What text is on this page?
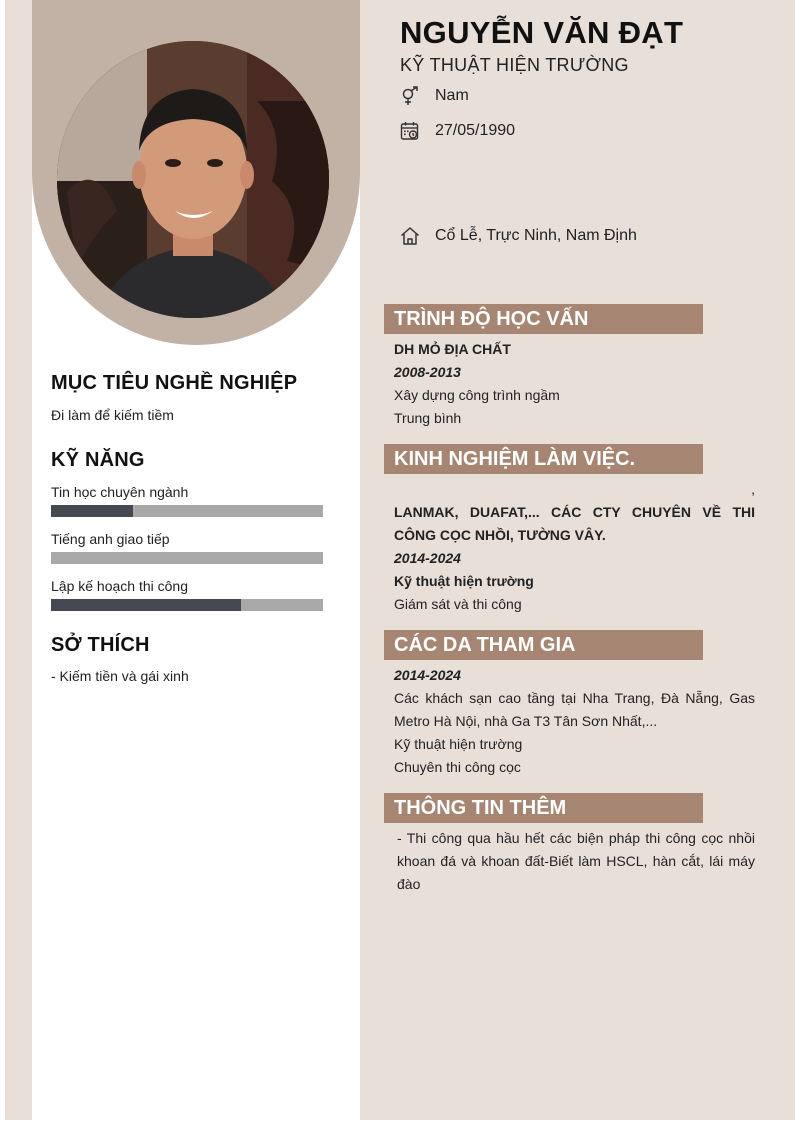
MỤC TIÊU NGHỀ NGHIỆP
Đi làm để kiếm tiềm
KỸ NĂNG
Tin học chuyên ngành
Tiếng anh giao tiếp
Lập kế hoạch thi công
SỞ THÍCH
- Kiếm tiền và gái xinh
NGUYỄN VĂN ĐẠT
KỸ THUẬT HIỆN TRƯỜNG
Nam
27/05/1990
Cổ Lễ, Trực Ninh, Nam Định
TRÌNH ĐỘ HỌC VẤN
DH MỎ ĐỊA CHẤT
2008-2013
Xây dựng công trình ngầm
Trung bình
KINH NGHIỆM LÀM VIỆC.
,
LANMAK, DUAFAT,... CÁC CTY CHUYÊN VỀ THI CÔNG CỌC NHỒI, TƯỜNG VÂY.
2014-2024
Kỹ thuật hiện trường
Giám sát và thi công
CÁC DA THAM GIA
2014-2024
Các khách sạn cao tầng tại Nha Trang, Đà Nẵng, Gas Metro Hà Nội, nhà Ga T3 Tân Sơn Nhất,...
Kỹ thuật hiện trường
Chuyên thi công cọc
THÔNG TIN THÊM
- Thi công qua hầu hết các biện pháp thi công cọc nhồi khoan đá và khoan đất-Biết làm HSCL, hàn cắt, lái máy đào
